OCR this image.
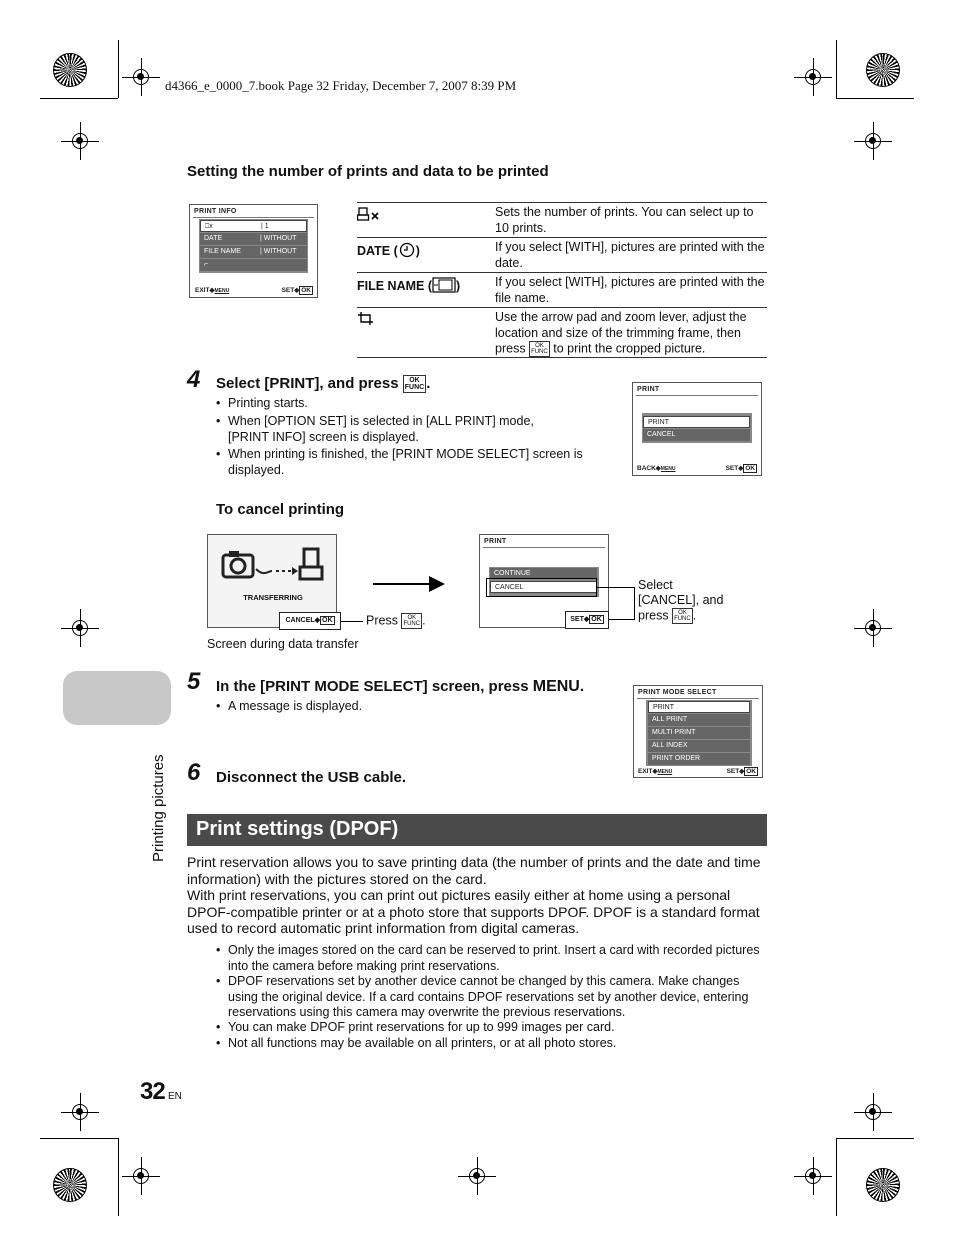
d4366_e_0000_7.book Page 32 Friday, December 7, 2007 8:39 PM
Setting the number of prints and data to be printed
PRINT INFO
⎕x	| 1
DATE	| WITHOUT
FILE NAME	| WITHOUT
⌐
EXIT◆MENU	SET◆ OK
Sets the number of prints. You can select up to 10 prints.
DATE ( )	If you select [WITH], pictures are printed with the date.
FILE NAME ( )	If you select [WITH], pictures are printed with the file name.
Use the arrow pad and zoom lever, adjust the location and size of the trimming frame, then press OK
FUNC to print the cropped picture.
4 Select [PRINT], and press OK
FUNC .
• Printing starts.
• When [OPTION SET] is selected in [ALL PRINT] mode, [PRINT INFO] screen is displayed.
• When printing is finished, the [PRINT MODE SELECT] screen is displayed.
PRINT
PRINT
CANCEL
BACK◆MENU	SET◆ OK
To cancel printing
TRANSFERRING
CANCEL◆ OK	Press OK
FUNC .
Screen during data transfer
PRINT
CONTINUE
CANCEL
SET◆ OK
Select
[CANCEL], and
press OK
FUNC .
5 In the [PRINT MODE SELECT] screen, press MENU.
• A message is displayed.
PRINT MODE SELECT
PRINT
ALL PRINT
MULTI PRINT
ALL INDEX
PRINT ORDER
EXIT◆MENU	SET◆ OK
6 Disconnect the USB cable.
Print settings (DPOF)
Print reservation allows you to save printing data (the number of prints and the date and time information) with the pictures stored on the card.
With print reservations, you can print out pictures easily either at home using a personal DPOF-compatible printer or at a photo store that supports DPOF. DPOF is a standard format used to record automatic print information from digital cameras.
• Only the images stored on the card can be reserved to print. Insert a card with recorded pictures into the camera before making print reservations.
• DPOF reservations set by another device cannot be changed by this camera. Make changes using the original device. If a card contains DPOF reservations set by another device, entering reservations using this camera may overwrite the previous reservations.
• You can make DPOF print reservations for up to 999 images per card.
• Not all functions may be available on all printers, or at all photo stores.
Printing pictures
32 EN
